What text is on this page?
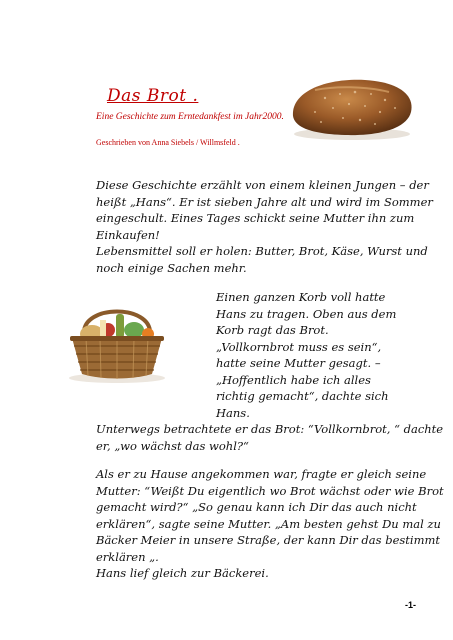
Das Brot .
Eine Geschichte zum Erntedankfest im Jahr2000.
Geschrieben von Anna Siebels / Willmsfeld .
Diese Geschichte erzählt von einem kleinen Jungen – der
heißt „Hans“. Er ist sieben Jahre alt und wird im Sommer
eingeschult. Eines Tages schickt seine Mutter ihn zum
Einkaufen!
Lebensmittel soll er holen: Butter, Brot, Käse, Wurst und
noch einige Sachen mehr.
Einen ganzen Korb voll hatte
Hans zu tragen. Oben aus dem
Korb ragt das Brot.
„Vollkornbrot muss es sein“,
hatte seine Mutter gesagt. –
„Hoffentlich habe ich alles
richtig gemacht“, dachte sich
Hans.
Unterwegs betrachtete er das Brot: “Vollkornbrot, “ dachte
er, „wo wächst das wohl?“
Als er zu Hause angekommen war, fragte er gleich seine
Mutter: “Weißt Du eigentlich wo Brot wächst oder wie Brot
gemacht wird?“ „So genau kann ich Dir das auch nicht
erklären“, sagte seine Mutter. „Am besten gehst Du mal zu
Bäcker Meier in unsere Straße, der kann Dir das bestimmt
erklären „.
Hans lief gleich zur Bäckerei.
-1-
